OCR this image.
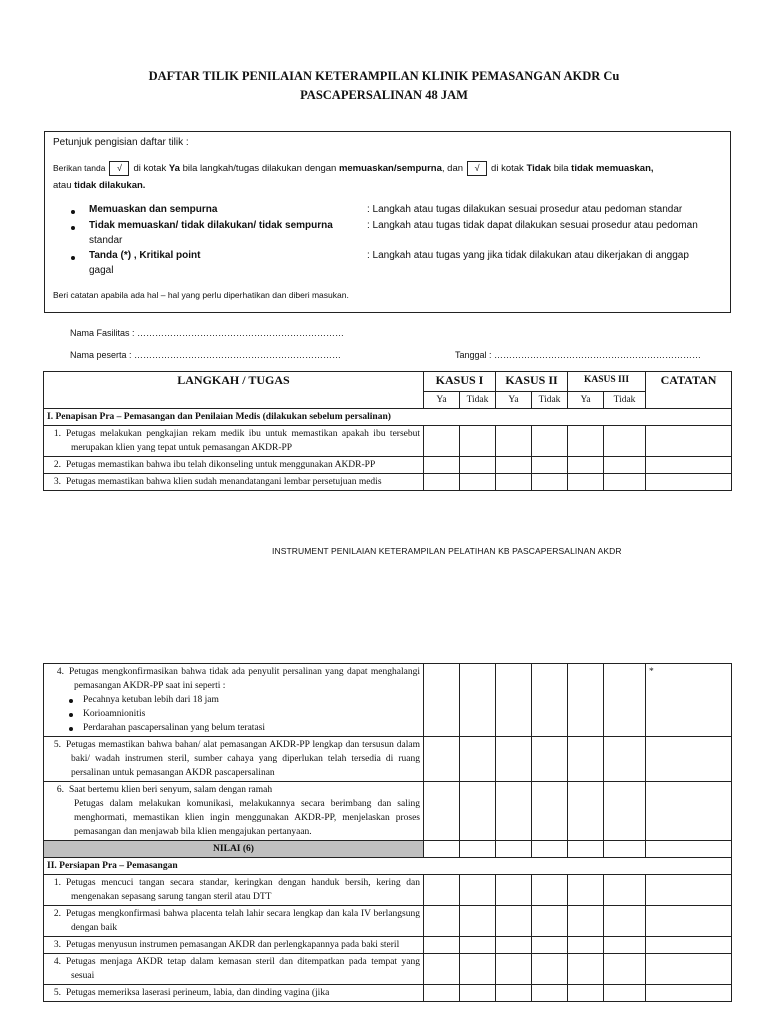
DAFTAR TILIK PENILAIAN KETERAMPILAN KLINIK PEMASANGAN AKDR Cu
PASCAPERSALINAN 48 JAM
Petunjuk pengisian daftar tilik :
Berikan tanda √ di kotak Ya bila langkah/tugas dilakukan dengan memuaskan/sempurna, dan √ di kotak Tidak bila tidak memuaskan,
atau tidak dilakukan.
Memuaskan dan sempurna	: Langkah atau tugas dilakukan sesuai prosedur atau pedoman standar
Tidak memuaskan/ tidak dilakukan/ tidak sempurna	: Langkah atau tugas tidak dapat dilakukan sesuai prosedur atau pedoman
standar
Tanda (*) , Kritikal point	: Langkah atau tugas yang jika tidak dilakukan atau dikerjakan di anggap
gagal
Beri catatan apabila ada hal – hal yang perlu diperhatikan dan diberi masukan.
Nama Fasilitas : ……………………………………………………………
Nama peserta : ……………………………………………………………	Tanggal : ……………………………………………………………
LANGKAH / TUGAS	KASUS I		KASUS II		KASUS III		CATATAN
	Ya	Tidak	Ya	Tidak	Ya	Tidak	
I. Penapisan Pra – Pemasangan dan Penilaian Medis (dilakukan sebelum persalinan)							
1. Petugas melakukan pengkajian rekam medik ibu untuk memastikan apakah ibu tersebut merupakan klien yang tepat untuk pemasangan AKDR-PP							
2. Petugas memastikan bahwa ibu telah dikonseling untuk menggunakan AKDR-PP							
3. Petugas memastikan bahwa klien sudah menandatangani lembar persetujuan medis							
INSTRUMENT PENILAIAN KETERAMPILAN PELATIHAN KB PASCAPERSALINAN AKDR
4. Petugas mengkonfirmasikan bahwa tidak ada penyulit persalinan yang dapat menghalangi pemasangan AKDR-PP saat ini seperti :
Pecahnya ketuban lebih dari 18 jam
Korioamnionitis
Perdarahan pascapersalinan yang belum teratasi							*
5. Petugas memastikan bahwa bahan/ alat pemasangan AKDR-PP lengkap dan tersusun dalam baki/ wadah instrumen steril, sumber cahaya yang diperlukan telah tersedia di ruang persalinan untuk pemasangan AKDR pascapersalinan							

6. Saat bertemu klien beri senyum, salam dengan ramah
Petugas dalam melakukan komunikasi, melakukannya secara berimbang dan saling menghormati, memastikan klien ingin menggunakan AKDR-PP, menjelaskan proses pemasangan dan menjawab bila klien mengajukan pertanyaan.							

NILAI (6)							
II. Persiapan Pra – Pemasangan							
1. Petugas mencuci tangan secara standar, keringkan dengan handuk bersih, kering dan mengenakan sepasang sarung tangan steril atau DTT							
2. Petugas mengkonfirmasi bahwa placenta telah lahir secara lengkap dan kala IV berlangsung dengan baik							
3. Petugas menyusun instrumen pemasangan AKDR dan perlengkapannya pada baki steril							
4. Petugas menjaga AKDR tetap dalam kemasan steril dan ditempatkan pada tempat yang sesuai							
5. Petugas memeriksa laserasi perineum, labia, dan dinding vagina (jika							
